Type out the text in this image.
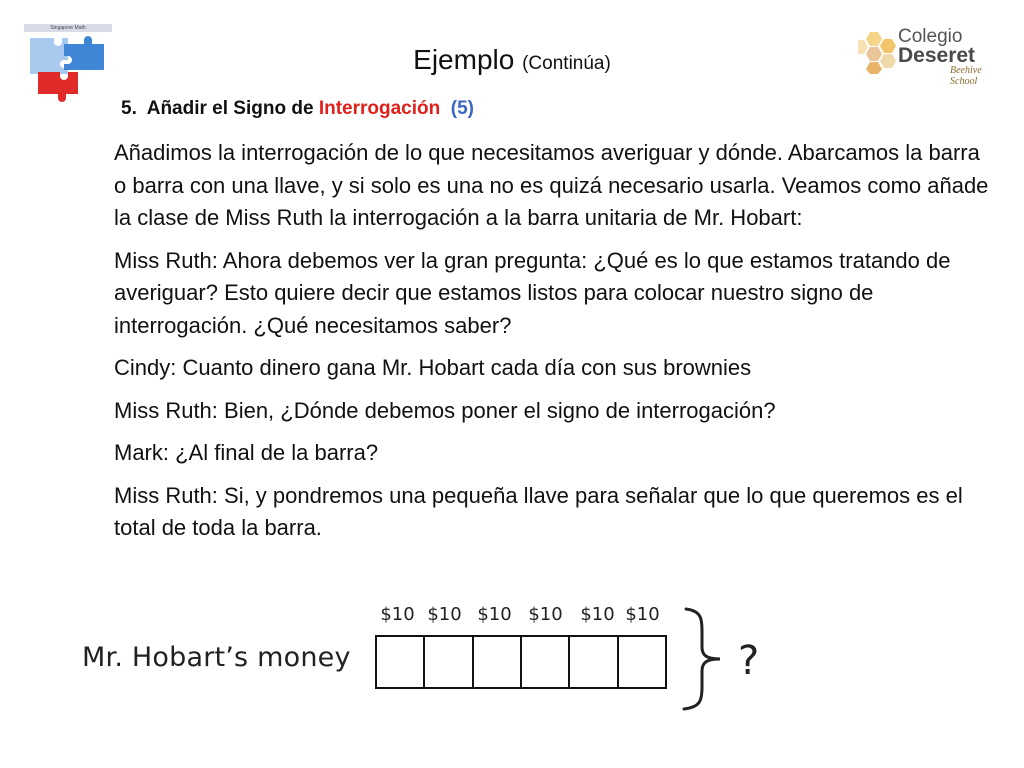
Singapore Math
Ejemplo (Continúa)
Colegio
Deseret
Beehive School
5. Añadir el Signo de Interrogación (5)

Añadimos la interrogación de lo que necesitamos averiguar y dónde. Abarcamos la barra o barra con una llave, y si solo es una no es quizá necesario usarla. Veamos como añade la clase de Miss Ruth la interrogación a la barra unitaria de Mr. Hobart:

Miss Ruth: Ahora debemos ver la gran pregunta: ¿Qué es lo que estamos tratando de averiguar? Esto quiere decir que estamos listos para colocar nuestro signo de interrogación. ¿Qué necesitamos saber?

Cindy: Cuanto dinero gana Mr. Hobart cada día con sus brownies

Miss Ruth: Bien, ¿Dónde debemos poner el signo de interrogación?

Mark: ¿Al final de la barra?

Miss Ruth: Si, y pondremos una pequeña llave para señalar que lo que queremos es el total de toda la barra.

Mr. Hobart’s money
$10 $10 $10 $10 $10 $10
?
